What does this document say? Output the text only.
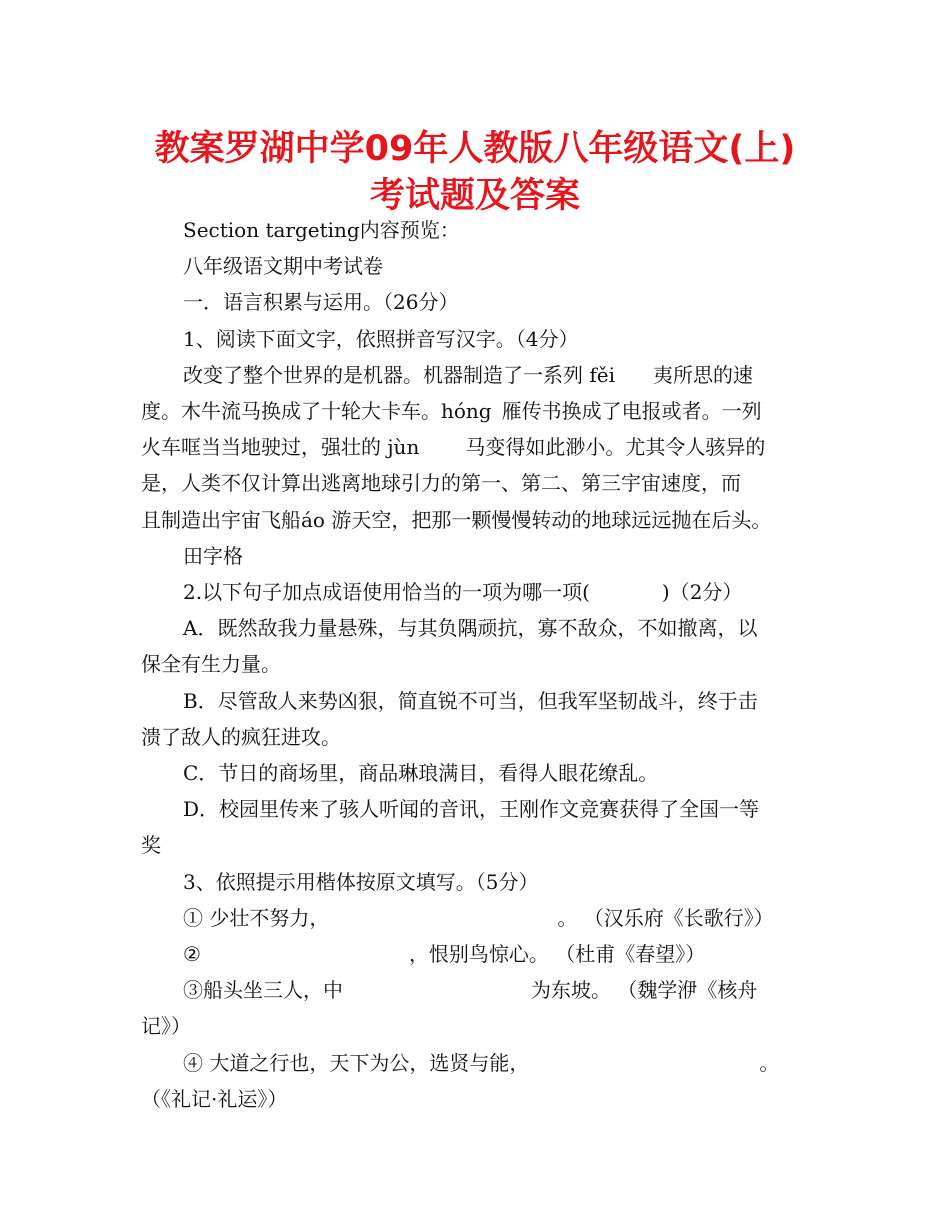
教案罗湖中学09年人教版八年级语文(上)
考试题及答案

Section targeting内容预览：

八年级语文期中考试卷

一．语言积累与运用。（26分）

1、阅读下面文字，依照拼音写汉字。（4分）

改变了整个世界的是机器。机器制造了一系列 fěi 夷所思的速

度。木牛流马换成了十轮大卡车。hóng 雁传书换成了电报或者。一列

火车哐当当地驶过，强壮的 jùn 马变得如此渺小。尤其令人骇异的

是，人类不仅计算出逃离地球引力的第一、第二、第三宇宙速度，而

且制造出宇宙飞船áo 游天空，把那一颗慢慢转动的地球远远抛在后头。

田字格

2.以下句子加点成语使用恰当的一项为哪一项(	)（2分）

A．既然敌我力量悬殊，与其负隅顽抗，寡不敌众，不如撤离，以

保全有生力量。

B．尽管敌人来势凶狠，简直锐不可当，但我军坚韧战斗，终于击

溃了敌人的疯狂进攻。

C．节日的商场里，商品琳琅满目，看得人眼花缭乱。

D．校园里传来了骇人听闻的音讯，王刚作文竞赛获得了全国一等

奖

3、依照提示用楷体按原文填写。（5分）

① 少壮不努力，	。 （汉乐府《长歌行》）

②	，恨别鸟惊心。 （杜甫《春望》）

③船头坐三人，中	为东坡。 （魏学洢《核舟

记》）

④ 大道之行也，天下为公，选贤与能，	。

（《礼记·礼运》）
